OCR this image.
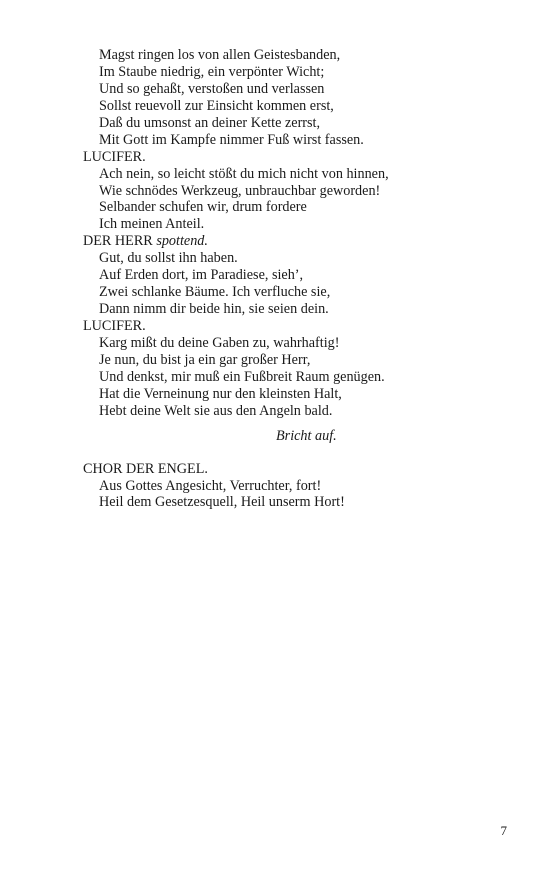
Magst ringen los von allen Geistesbanden,
Im Staube niedrig, ein verpönter Wicht;
Und so gehaßt, verstoßen und verlassen
Sollst reuevoll zur Einsicht kommen erst,
Daß du umsonst an deiner Kette zerrst,
Mit Gott im Kampfe nimmer Fuß wirst fassen.
LUCIFER.
Ach nein, so leicht stößt du mich nicht von hinnen,
Wie schnödes Werkzeug, unbrauchbar geworden!
Selbander schufen wir, drum fordere
Ich meinen Anteil.
DER HERR spottend.
Gut, du sollst ihn haben.
Auf Erden dort, im Paradiese, sieh’,
Zwei schlanke Bäume. Ich verfluche sie,
Dann nimm dir beide hin, sie seien dein.
LUCIFER.
Karg mißt du deine Gaben zu, wahrhaftig!
Je nun, du bist ja ein gar großer Herr,
Und denkst, mir muß ein Fußbreit Raum genügen.
Hat die Verneinung nur den kleinsten Halt,
Hebt deine Welt sie aus den Angeln bald.
Bricht auf.
CHOR DER ENGEL.
Aus Gottes Angesicht, Verruchter, fort!
Heil dem Gesetzesquell, Heil unserm Hort!
7
